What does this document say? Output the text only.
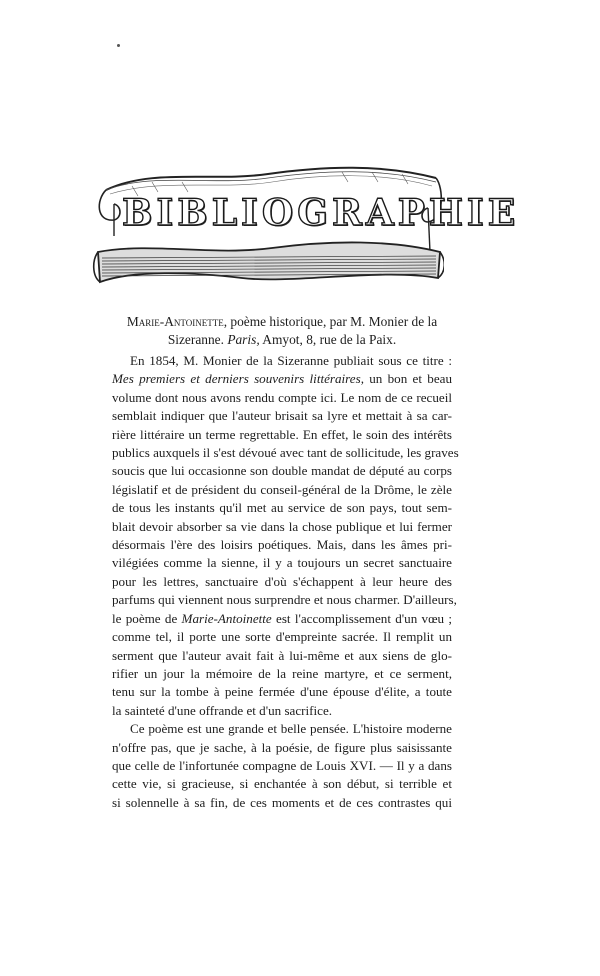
BIBLIOGRAPHIE
Marie-Antoinette, poème historique, par M. Monier de la
Sizeranne. Paris, Amyot, 8, rue de la Paix.
En 1854, M. Monier de la Sizeranne publiait sous ce titre :
Mes premiers et derniers souvenirs littéraires, un bon et beau
volume dont nous avons rendu compte ici. Le nom de ce recueil
semblait indiquer que l'auteur brisait sa lyre et mettait à sa car-
rière littéraire un terme regrettable. En effet, le soin des intérêts
publics auxquels il s'est dévoué avec tant de sollicitude, les graves
soucis que lui occasionne son double mandat de député au corps
législatif et de président du conseil-général de la Drôme, le zèle
de tous les instants qu'il met au service de son pays, tout sem-
blait devoir absorber sa vie dans la chose publique et lui fermer
désormais l'ère des loisirs poétiques. Mais, dans les âmes pri-
vilégiées comme la sienne, il y a toujours un secret sanctuaire
pour les lettres, sanctuaire d'où s'échappent à leur heure des
parfums qui viennent nous surprendre et nous charmer. D'ailleurs,
le poème de Marie-Antoinette est l'accomplissement d'un vœu ;
comme tel, il porte une sorte d'empreinte sacrée. Il remplit un
serment que l'auteur avait fait à lui-même et aux siens de glo-
rifier un jour la mémoire de la reine martyre, et ce serment,
tenu sur la tombe à peine fermée d'une épouse d'élite, a toute
la sainteté d'une offrande et d'un sacrifice.
Ce poème est une grande et belle pensée. L'histoire moderne
n'offre pas, que je sache, à la poésie, de figure plus saisissante
que celle de l'infortunée compagne de Louis XVI. — Il y a dans
cette vie, si gracieuse, si enchantée à son début, si terrible et
si solennelle à sa fin, de ces moments et de ces contrastes qui
